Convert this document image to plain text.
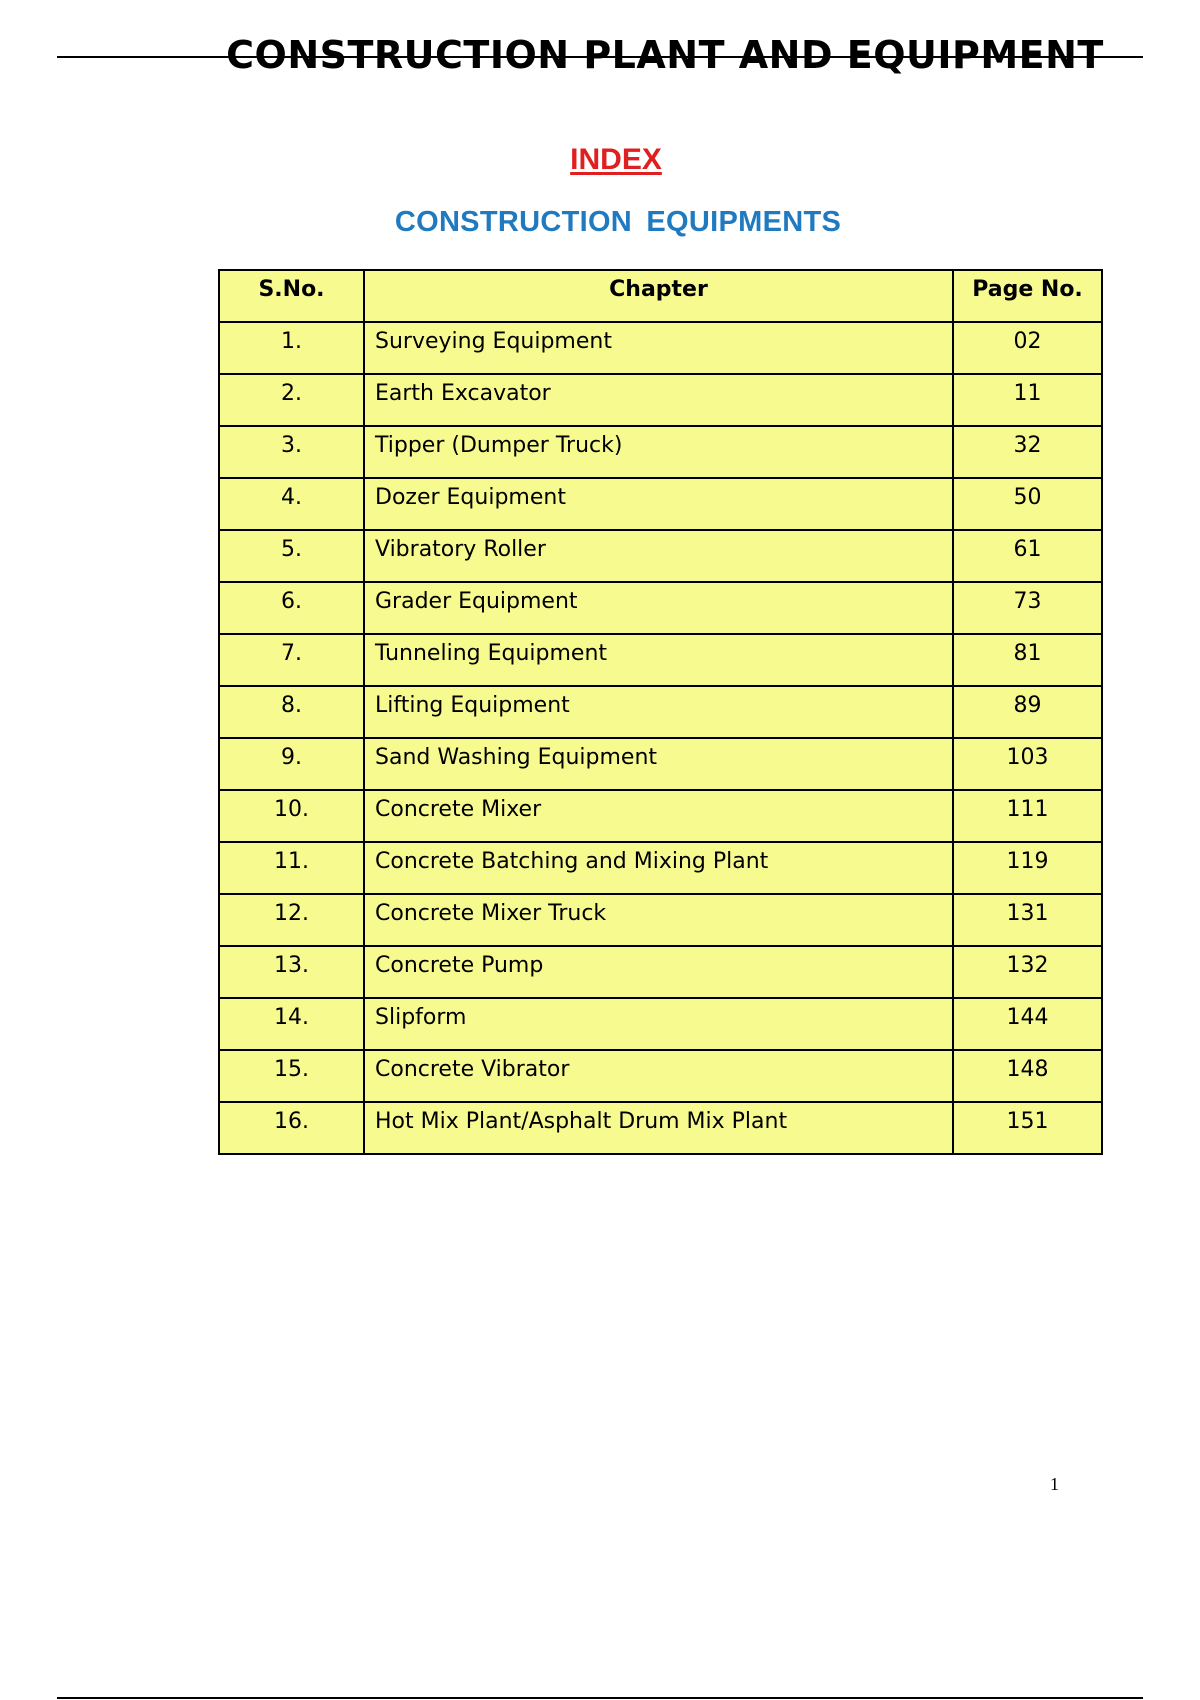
CONSTRUCTION PLANT AND EQUIPMENT
INDEX
CONSTRUCTION EQUIPMENTS
S.No.	Chapter	Page No.
1.	Surveying Equipment	02
2.	Earth Excavator	11
3.	Tipper (Dumper Truck)	32
4.	Dozer Equipment	50
5.	Vibratory Roller	61
6.	Grader Equipment	73
7.	Tunneling Equipment	81
8.	Lifting Equipment	89
9.	Sand Washing Equipment	103
10.	Concrete Mixer	111
11.	Concrete Batching and Mixing Plant	119
12.	Concrete Mixer Truck	131
13.	Concrete Pump	132
14.	Slipform	144
15.	Concrete Vibrator	148
16.	Hot Mix Plant/Asphalt Drum Mix Plant	151
1
